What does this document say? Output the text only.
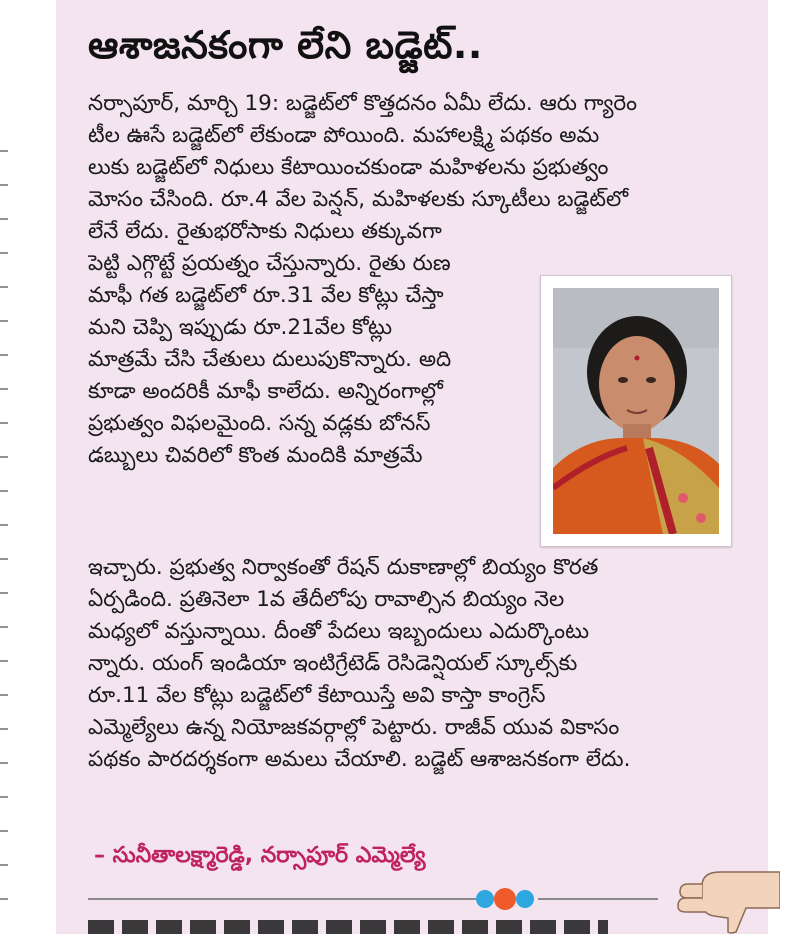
ఆశాజనకంగా లేని బడ్జెట్‌..

నర్సాపూర్‌, మార్చి 19: బడ్జెట్‌లో కొత్తదనం ఏమీ లేదు. ఆరు గ్యారెం

టీల ఊసే బడ్జెట్‌లో లేకుండా పోయింది. మహాలక్ష్మి పథకం అమ

లుకు బడ్జెట్‌లో నిధులు కేటాయించకుండా మహిళలను ప్రభుత్వం

మోసం చేసింది. రూ.4 వేల పెన్షన్‌, మహిళలకు స్కూటీలు బడ్జెట్‌లో

లేనే లేదు. రైతుభరోసాకు నిధులు తక్కువగా

పెట్టి ఎగ్గొట్టే ప్రయత్నం చేస్తున్నారు. రైతు రుణ

మాఫీ గత బడ్జెట్‌లో రూ.31 వేల కోట్లు చేస్తా

మని చెప్పి ఇప్పుడు రూ.21వేల కోట్లు

మాత్రమే చేసి చేతులు దులుపుకొన్నారు. అది

కూడా అందరికీ మాఫీ కాలేదు. అన్నిరంగాల్లో

ప్రభుత్వం విఫలమైంది. సన్న వడ్లకు బోనస్‌

డబ్బులు చివరిలో కొంత మందికి మాత్రమే

ఇచ్చారు. ప్రభుత్వ నిర్వాకంతో రేషన్‌ దుకాణాల్లో బియ్యం కొరత

ఏర్పడింది. ప్రతినెలా 1వ తేదీలోపు రావాల్సిన బియ్యం నెల

మధ్యలో వస్తున్నాయి. దీంతో పేదలు ఇబ్బందులు ఎదుర్కొంటు

న్నారు. యంగ్‌ ఇండియా ఇంటిగ్రేటెడ్‌ రెసిడెన్షియల్‌ స్కూల్స్‌కు

రూ.11 వేల కోట్లు బడ్జెట్‌లో కేటాయిస్తే అవి కాస్తా కాంగ్రెస్‌

ఎమ్మెల్యేలు ఉన్న నియోజకవర్గాల్లో పెట్టారు. రాజీవ్‌ యువ వికాసం

పథకం పారదర్శకంగా అమలు చేయాలి. బడ్జెట్‌ ఆశాజనకంగా లేదు.

– సునీతాలక్ష్మారెడ్డి, నర్సాపూర్‌ ఎమ్మెల్యే
